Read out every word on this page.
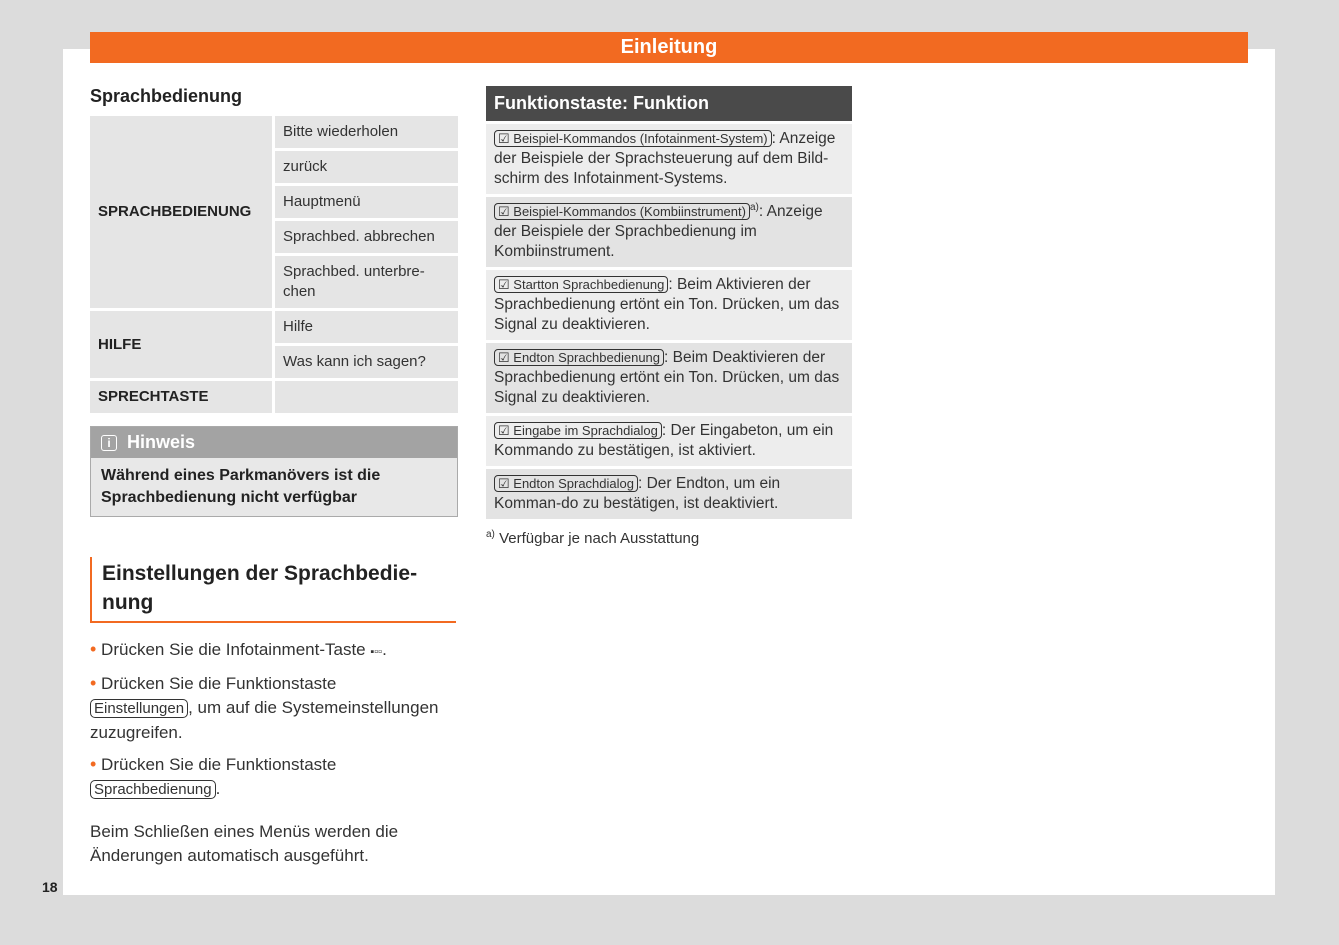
Einleitung
18
Sprachbedienung
SPRACHBEDIENUNG	Bitte wiederholen
	zurück
	Hauptmenü
	Sprachbed. abbrechen
	Sprachbed. unterbre-chen
HILFE	Hilfe
	Was kann ich sagen?
SPRECHTASTE	
i Hinweis
Während eines Parkmanövers ist die Sprachbedienung nicht verfügbar
Einstellungen der Sprachbedie-nung

• Drücken Sie die Infotainment-Taste ▪▫▫.

• Drücken Sie die Funktionstaste
Einstellungen , um auf die Systemeinstellungen zuzugreifen.

• Drücken Sie die Funktionstaste
Sprachbedienung .

Beim Schließen eines Menüs werden die Änderungen automatisch ausgeführt.

Funktionstaste: Funktion
☑ Beispiel-Kommandos (Infotainment-System) : Anzeige der Beispiele der Sprachsteuerung auf dem Bild-schirm des Infotainment-Systems.
☑ Beispiel-Kommandos (Kombiinstrument) $^{a)}$: Anzeige der Beispiele der Sprachbedienung im Kombiinstrument.
☑ Startton Sprachbedienung : Beim Aktivieren der Sprachbedienung ertönt ein Ton. Drücken, um das Signal zu deaktivieren.
☑ Endton Sprachbedienung : Beim Deaktivieren der Sprachbedienung ertönt ein Ton. Drücken, um das Signal zu deaktivieren.
☑ Eingabe im Sprachdialog : Der Eingabeton, um ein Kommando zu bestätigen, ist aktiviert.
☑ Endton Sprachdialog : Der Endton, um ein Komman-do zu bestätigen, ist deaktiviert.
$^{a)}$ Verfügbar je nach Ausstattung
